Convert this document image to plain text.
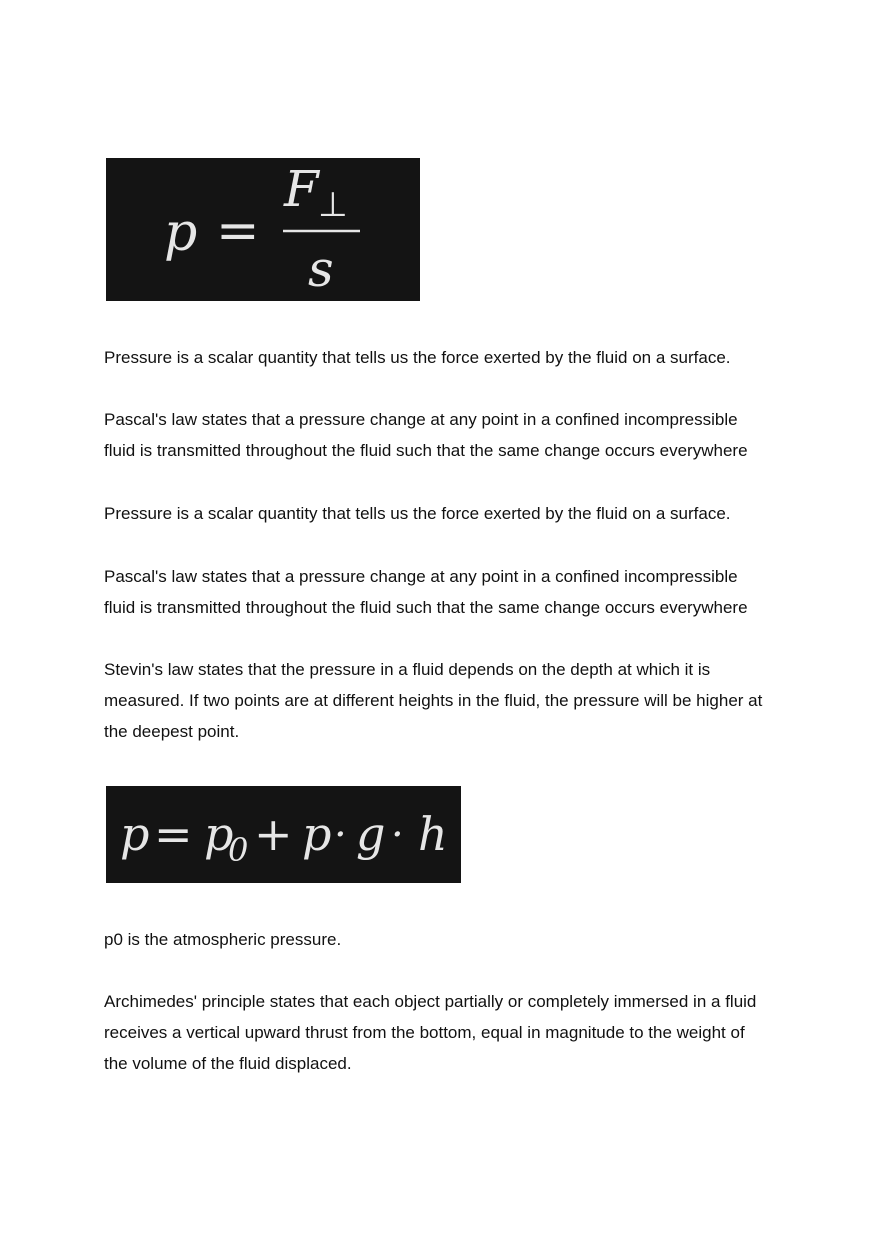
p =
F ⊥
s

Pressure is a scalar quantity that tells us the force exerted by the fluid on a surface.

Pascal's law states that a pressure change at any point in a confined incompressible
fluid is transmitted throughout the fluid such that the same change occurs everywhere

Pressure is a scalar quantity that tells us the force exerted by the fluid on a surface.

Pascal's law states that a pressure change at any point in a confined incompressible
fluid is transmitted throughout the fluid such that the same change occurs everywhere

Stevin's law states that the pressure in a fluid depends on the depth at which it is
measured. If two points are at different heights in the fluid, the pressure will be higher at
the deepest point.

p = p
0 + p · g · h

p0 is the atmospheric pressure.

Archimedes' principle states that each object partially or completely immersed in a fluid
receives a vertical upward thrust from the bottom, equal in magnitude to the weight of
the volume of the fluid displaced.
